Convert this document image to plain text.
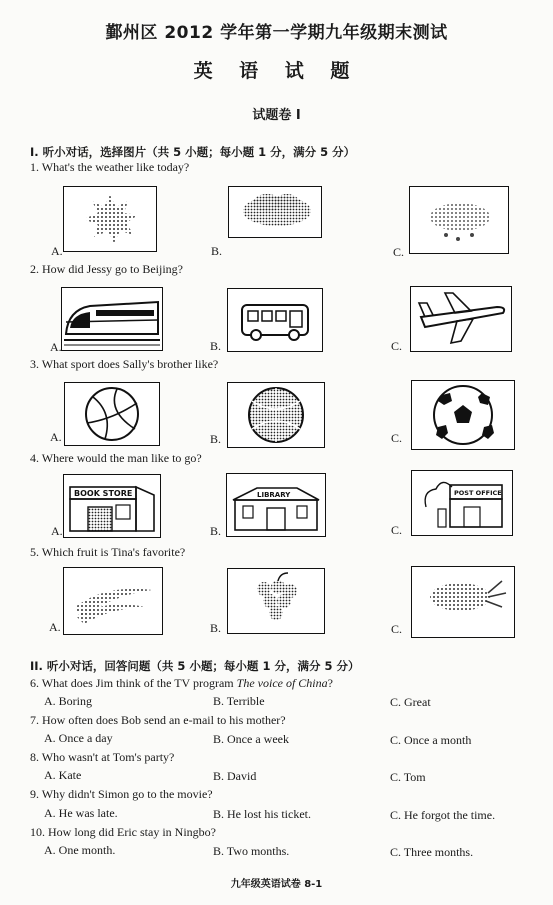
鄞州区 2012 学年第一学期九年级期末测试
英 语 试 题
试题卷 I
I. 听小对话，选择图片（共 5 小题；每小题 1 分，满分 5 分）
1. What's the weather like today?
A.	B.	C.
2. How did Jessy go to Beijing?
A.	B.	C.
3. What sport does Sally's brother like?
A.	B.	C.
4. Where would the man like to go?
BOOK STORE
A.
LIBRARY
B.
POST OFFICE
C.
5. Which fruit is Tina's favorite?
A.	B.	C.
II. 听小对话，回答问题（共 5 小题；每小题 1 分，满分 5 分）
6. What does Jim think of the TV program The voice of China?
A. Boring	B. Terrible	C. Great
7. How often does Bob send an e-mail to his mother?
A. Once a day	B. Once a week	C. Once a month
8. Who wasn't at Tom's party?
A. Kate	B. David	C. Tom
9. Why didn't Simon go to the movie?
A. He was late.	B. He lost his ticket.	C. He forgot the time.
10. How long did Eric stay in Ningbo?
A. One month.	B. Two months.	C. Three months.
九年级英语试卷 8-1
